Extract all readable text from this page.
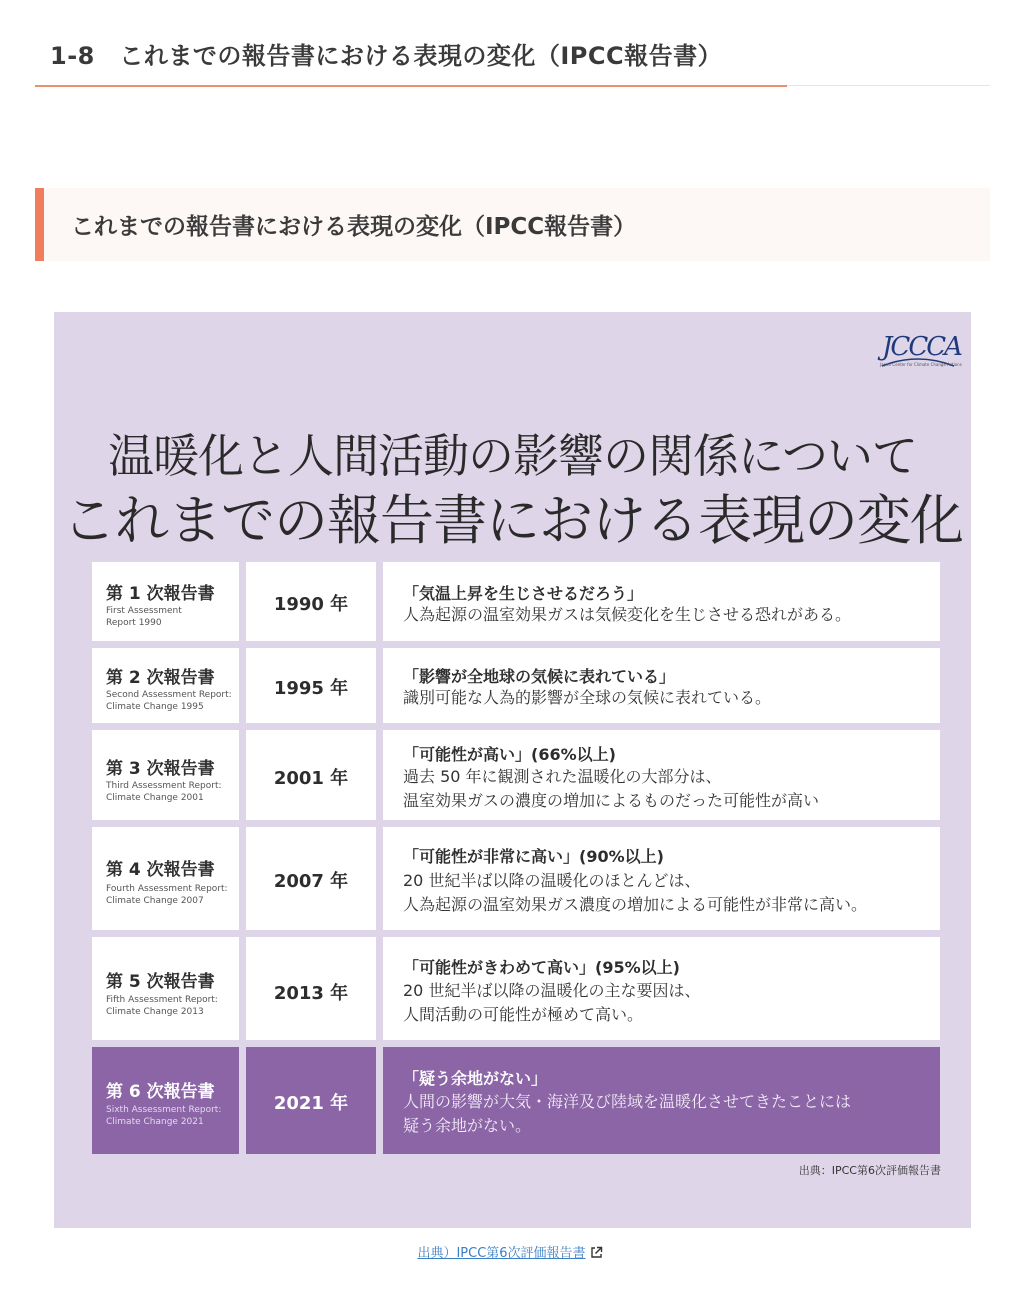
1-8　これまでの報告書における表現の変化（IPCC報告書）
これまでの報告書における表現の変化（IPCC報告書）
JCCCA
Japan Center for Climate Change Actions
温暖化と人間活動の影響の関係について
これまでの報告書における表現の変化
第 1 次報告書
First Assessment
Report 1990
1990 年
「気温上昇を生じさせるだろう」
人為起源の温室効果ガスは気候変化を生じさせる恐れがある。
第 2 次報告書
Second Assessment Report:
Climate Change 1995
1995 年
「影響が全地球の気候に表れている」
識別可能な人為的影響が全球の気候に表れている。
第 3 次報告書
Third Assessment Report:
Climate Change 2001
2001 年
「可能性が高い」(66%以上)
過去 50 年に観測された温暖化の大部分は、
温室効果ガスの濃度の増加によるものだった可能性が高い
第 4 次報告書
Fourth Assessment Report:
Climate Change 2007
2007 年
「可能性が非常に高い」(90%以上)
20 世紀半ば以降の温暖化のほとんどは、
人為起源の温室効果ガス濃度の増加による可能性が非常に高い。
第 5 次報告書
Fifth Assessment Report:
Climate Change 2013
2013 年
「可能性がきわめて高い」(95%以上)
20 世紀半ば以降の温暖化の主な要因は、
人間活動の可能性が極めて高い。
第 6 次報告書
Sixth Assessment Report:
Climate Change 2021
2021 年
「疑う余地がない」
人間の影響が大気・海洋及び陸域を温暖化させてきたことには
疑う余地がない。
出典：IPCC第6次評価報告書
出典）IPCC第6次評価報告書
